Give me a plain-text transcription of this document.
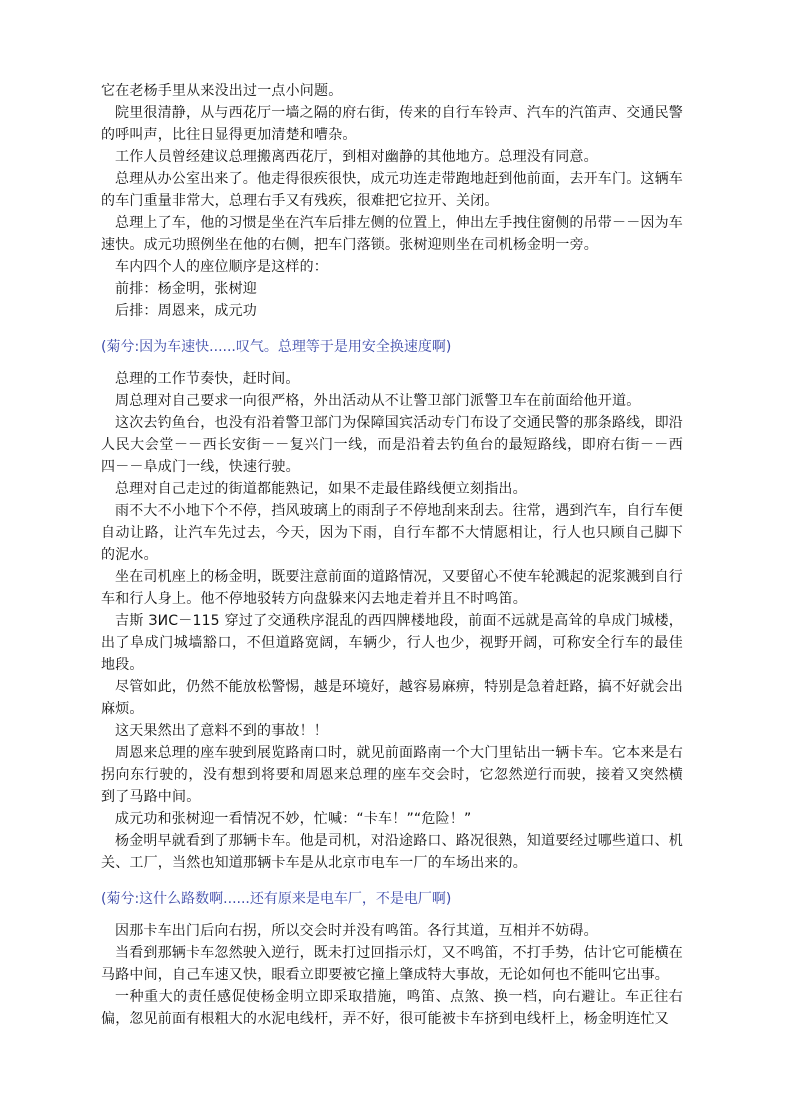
它在老杨手里从来没出过一点小问题。

院里很清静，从与西花厅一墙之隔的府右街，传来的自行车铃声、汽车的汽笛声、交通民警的呼叫声，比往日显得更加清楚和嘈杂。

工作人员曾经建议总理搬离西花厅，到相对幽静的其他地方。总理没有同意。

总理从办公室出来了。他走得很疾很快，成元功连走带跑地赶到他前面，去开车门。这辆车的车门重量非常大，总理右手又有残疾，很难把它拉开、关闭。

总理上了车，他的习惯是坐在汽车后排左侧的位置上，伸出左手拽住窗侧的吊带－－因为车速快。成元功照例坐在他的右侧，把车门落锁。张树迎则坐在司机杨金明一旁。

车内四个人的座位顺序是这样的：

前排：杨金明，张树迎

后排：周恩来，成元功

(菊兮:因为车速快......叹气。总理等于是用安全换速度啊)

总理的工作节奏快，赶时间。

周总理对自己要求一向很严格，外出活动从不让警卫部门派警卫车在前面给他开道。

这次去钓鱼台，也没有沿着警卫部门为保障国宾活动专门布设了交通民警的那条路线，即沿人民大会堂－－西长安街－－复兴门一线，而是沿着去钓鱼台的最短路线，即府右街－－西四－－阜成门一线，快速行驶。

总理对自己走过的街道都能熟记，如果不走最佳路线便立刻指出。

雨不大不小地下个不停，挡风玻璃上的雨刮子不停地刮来刮去。往常，遇到汽车，自行车便自动让路，让汽车先过去，今天，因为下雨，自行车都不大情愿相让，行人也只顾自己脚下的泥水。

坐在司机座上的杨金明，既要注意前面的道路情况，又要留心不使车轮溅起的泥浆溅到自行车和行人身上。他不停地驳转方向盘躲来闪去地走着并且不时鸣笛。

吉斯 ЗИС－115 穿过了交通秩序混乱的西四牌楼地段，前面不远就是高耸的阜成门城楼，出了阜成门城墙豁口，不但道路宽阔，车辆少，行人也少，视野开阔，可称安全行车的最佳地段。

尽管如此，仍然不能放松警惕，越是环境好，越容易麻痹，特别是急着赶路，搞不好就会出麻烦。

这天果然出了意料不到的事故！！

周恩来总理的座车驶到展览路南口时，就见前面路南一个大门里钻出一辆卡车。它本来是右拐向东行驶的，没有想到将要和周恩来总理的座车交会时，它忽然逆行而驶，接着又突然横到了马路中间。

成元功和张树迎一看情况不妙，忙喊：“卡车！”“危险！”

杨金明早就看到了那辆卡车。他是司机，对沿途路口、路况很熟，知道要经过哪些道口、机关、工厂，当然也知道那辆卡车是从北京市电车一厂的车场出来的。

(菊兮:这什么路数啊......还有原来是电车厂，不是电厂啊)

因那卡车出门后向右拐，所以交会时并没有鸣笛。各行其道，互相并不妨碍。

当看到那辆卡车忽然驶入逆行，既未打过回指示灯，又不鸣笛，不打手势，估计它可能横在马路中间，自己车速又快，眼看立即要被它撞上肇成特大事故，无论如何也不能叫它出事。

一种重大的责任感促使杨金明立即采取措施，鸣笛、点煞、换一档，向右避让。车正往右偏，忽见前面有根粗大的水泥电线杆，弄不好，很可能被卡车挤到电线杆上，杨金明连忙又
